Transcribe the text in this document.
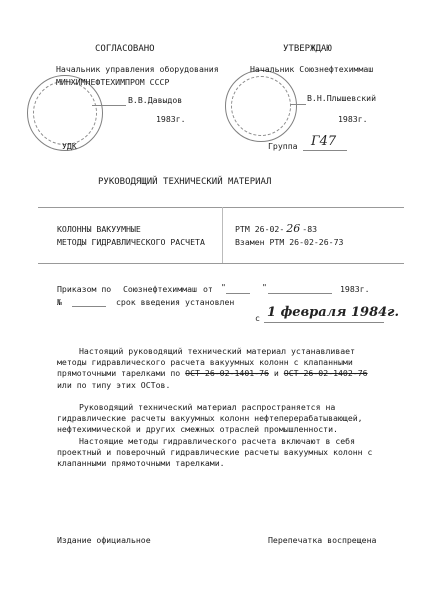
СОГЛАСОВАНО
Начальник управления оборудования
МИНХИМНЕФТЕХИМПРОМ СССР
В.В.Давыдов
1983г.
УТВЕРЖДАЮ
Начальник Союзнефтехиммаш
В.Н.Плышевский
1983г.
УДК	Группа Г47
РУКОВОДЯЩИЙ ТЕХНИЧЕСКИЙ МАТЕРИАЛ
КОЛОННЫ ВАКУУМНЫЕ
МЕТОДЫ ГИДРАВЛИЧЕСКОГО РАСЧЕТА
РТМ 26-02- 26 -83
Взамен РТМ 26-02-26-73
Приказом по Союзнефтехиммаш от "	"	1983г.
№	срок введения установлен
с 1 февраля 1984г.
Настоящий руководящий технический материал устанавливает методы гидравлического расчета вакуумных колонн с клапанными прямоточными тарелками по ОСТ 26-02-1401-76 и ОСТ 26-02-1402-76 или по типу этих ОСТов.
Руководящий технический материал распространяется на гидравлические расчеты вакуумных колонн нефтеперерабатывающей, нефтехимической и других смежных отраслей промышленности.
Настоящие методы гидравлического расчета включают в себя проектный и поверочный гидравлические расчеты вакуумных колонн с клапанными прямоточными тарелками.
Издание официальное	Перепечатка воспрещена
